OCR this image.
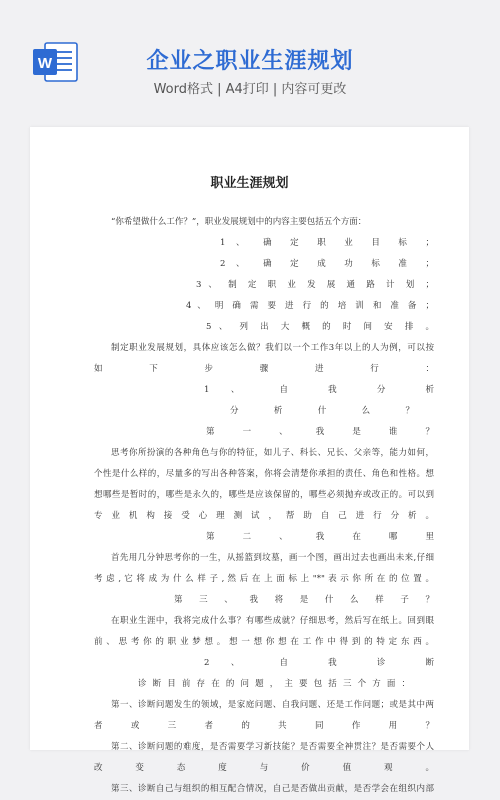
W	企业之职业生涯规划
Word格式 | A4打印 | 内容可更改
职业生涯规划
“你希望做什么工作？”，职业发展规划中的内容主要包括五个方面：
1 、 确 定 职 业 目 标 ；
2 、 确 定 成 功 标 准 ；
3 、 制 定 职 业 发 展 通 路 计 划 ；
4 、 明 确 需 要 进 行 的 培 训 和 准 备 ；
5 、 列 出 大 概 的 时 间 安 排 。
制定职业发展规划，具体应该怎么做？我们以一个工作3年以上的人为例，可以按
如 下 步 骤 进 行 ：
1 、 自 我 分 析
分 析 什 么 ？
第 一 、 我 是 谁 ？
思考你所扮演的各种角色与你的特征，如儿子、科长、兄长、父亲等，能力如何，
个性是什么样的，尽量多的写出各种答案，你将会清楚你承担的责任、角色和性格。想
想哪些是暂时的，哪些是永久的，哪些是应该保留的，哪些必须抛弃或改正的。可以到
专 业 机 构 接 受 心 理 测 试 ， 帮 助 自 己 进 行 分 析 。
第 二 、 我 在 哪 里
首先用几分钟思考你的一生，从摇篮到坟墓，画一个图，画出过去也画出未来,仔细
考 虑 , 它 将 成 为 什 么 样 子 , 然 后 在 上 面 标 上 "*" 表 示 你 所 在 的 位 置 。
第 三 、 我 将 是 什 么 样 子 ？
在职业生涯中，我将完成什么事？有哪些成就？仔细思考，然后写在纸上。回到眼
前 、 思 考 你 的 职 业 梦 想 。 想 一 想 你 想 在 工 作 中 得 到 的 特 定 东 西 。
2 、 自 我 诊 断
诊 断 目 前 存 在 的 问 题 ， 主 要 包 括 三 个 方 面 ：
第一、诊断问题发生的领域，是家庭问题、自我问题、还是工作问题；或是其中两
者 或 三 者 的 共 同 作 用 ？
第二、诊断问题的难度，是否需要学习新技能？是否需要全神贯注？是否需要个人
改 变 态 度 与 价 值 观 。
第三、诊断自己与组织的相互配合情况，自己是否做出贡献，是否学会在组织内部
